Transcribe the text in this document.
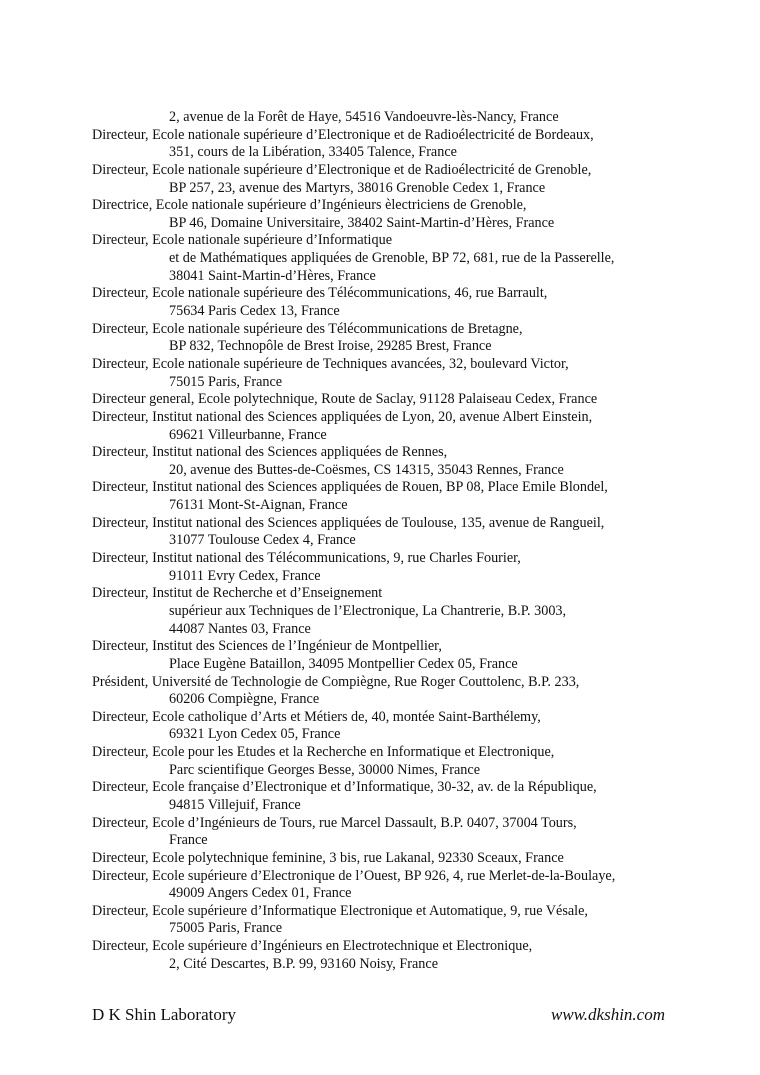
2, avenue de la Forêt de Haye, 54516 Vandoeuvre-lès-Nancy, France
Directeur, Ecole nationale supérieure d’Electronique et de Radioélectricité de Bordeaux,
351, cours de la Libération, 33405 Talence, France
Directeur, Ecole nationale supérieure d’Electronique et de Radioélectricité de Grenoble,
BP 257, 23, avenue des Martyrs, 38016 Grenoble Cedex 1, France
Directrice, Ecole nationale supérieure d’Ingénieurs èlectriciens de Grenoble,
BP 46, Domaine Universitaire, 38402 Saint-Martin-d’Hères, France
Directeur, Ecole nationale supérieure d’Informatique
et de Mathématiques appliquées de Grenoble, BP 72, 681, rue de la Passerelle,
38041 Saint-Martin-d’Hères, France
Directeur, Ecole nationale supérieure des Télécommunications, 46, rue Barrault,
75634 Paris Cedex 13, France
Directeur, Ecole nationale supérieure des Télécommunications de Bretagne,
BP 832, Technopôle de Brest Iroise, 29285 Brest, France
Directeur, Ecole nationale supérieure de Techniques avancées, 32, boulevard Victor,
75015 Paris, France
Directeur general, Ecole polytechnique, Route de Saclay, 91128 Palaiseau Cedex, France
Directeur, Institut national des Sciences appliquées de Lyon, 20, avenue Albert Einstein,
69621 Villeurbanne, France
Directeur, Institut national des Sciences appliquées de Rennes,
20, avenue des Buttes-de-Coësmes, CS 14315, 35043 Rennes, France
Directeur, Institut national des Sciences appliquées de Rouen, BP 08, Place Emile Blondel,
76131 Mont-St-Aignan, France
Directeur, Institut national des Sciences appliquées de Toulouse, 135, avenue de Rangueil,
31077 Toulouse Cedex 4, France
Directeur, Institut national des Télécommunications, 9, rue Charles Fourier,
91011 Evry Cedex, France
Directeur, Institut de Recherche et d’Enseignement
supérieur aux Techniques de l’Electronique, La Chantrerie, B.P. 3003,
44087 Nantes 03, France
Directeur, Institut des Sciences de l’Ingénieur de Montpellier,
Place Eugène Bataillon, 34095 Montpellier Cedex 05, France
Président, Université de Technologie de Compiègne, Rue Roger Couttolenc, B.P. 233,
60206 Compiègne, France
Directeur, Ecole catholique d’Arts et Métiers de, 40, montée Saint-Barthélemy,
69321 Lyon Cedex 05, France
Directeur, Ecole pour les Etudes et la Recherche en Informatique et Electronique,
Parc scientifique Georges Besse, 30000 Nimes, France
Directeur, Ecole française d’Electronique et d’Informatique, 30-32, av. de la République,
94815 Villejuif, France
Directeur, Ecole d’Ingénieurs de Tours, rue Marcel Dassault, B.P. 0407, 37004 Tours,
France
Directeur, Ecole polytechnique feminine, 3 bis, rue Lakanal, 92330 Sceaux, France
Directeur, Ecole supérieure d’Electronique de l’Ouest, BP 926, 4, rue Merlet-de-la-Boulaye,
49009 Angers Cedex 01, France
Directeur, Ecole supérieure d’Informatique Electronique et Automatique, 9, rue Vésale,
75005 Paris, France
Directeur, Ecole supérieure d’Ingénieurs en Electrotechnique et Electronique,
2, Cité Descartes, B.P. 99, 93160 Noisy, France
D K Shin Laboratory	www.dkshin.com
